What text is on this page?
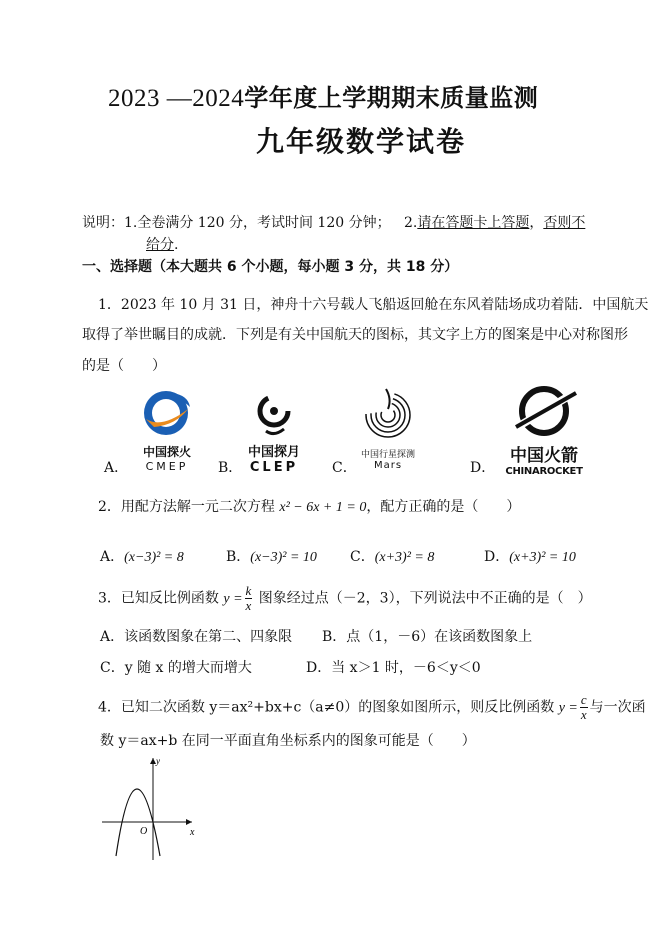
2023 —2024学年度上学期期末质量监测
九年级数学试卷
说明：1.全卷满分 120 分，考试时间 120 分钟； 2.请在答题卡上答题，否则不
给分.
一、选择题（本大题共 6 个小题，每小题 3 分，共 18 分）
1．2023 年 10 月 31 日，神舟十六号载人飞船返回舱在东风着陆场成功着陆．中国航天
取得了举世瞩目的成就．下列是有关中国航天的图标，其文字上方的图案是中心对称图形
的是（　　）
A．
中国探火
CMEP	B．
中国探月
CLEP	C．
中国行星探测
Mars	D．
中国火箭
CHINAROCKET
2．用配方法解一元二次方程 x² − 6x + 1 = 0，配方正确的是（　　）
A．(x−3)² = 8	B．(x−3)² = 10 C．(x+3)² = 8	D．(x+3)² = 10
3．已知反比例函数 $y = \frac{k}{x}$ 图象经过点（－2，3），下列说法中不正确的是（　）
A．该函数图象在第二、四象限 B．点（1，－6）在该函数图象上
C．y 随 x 的增大而增大	D．当 x＞1 时，－6＜y＜0
4．已知二次函数 y＝ax²+bx+c（a≠0）的图象如图所示，则反比例函数 $y = \frac{c}{x}$ 与一次函
数 y＝ax+b 在同一平面直角坐标系内的图象可能是（　　）
y
x
O
